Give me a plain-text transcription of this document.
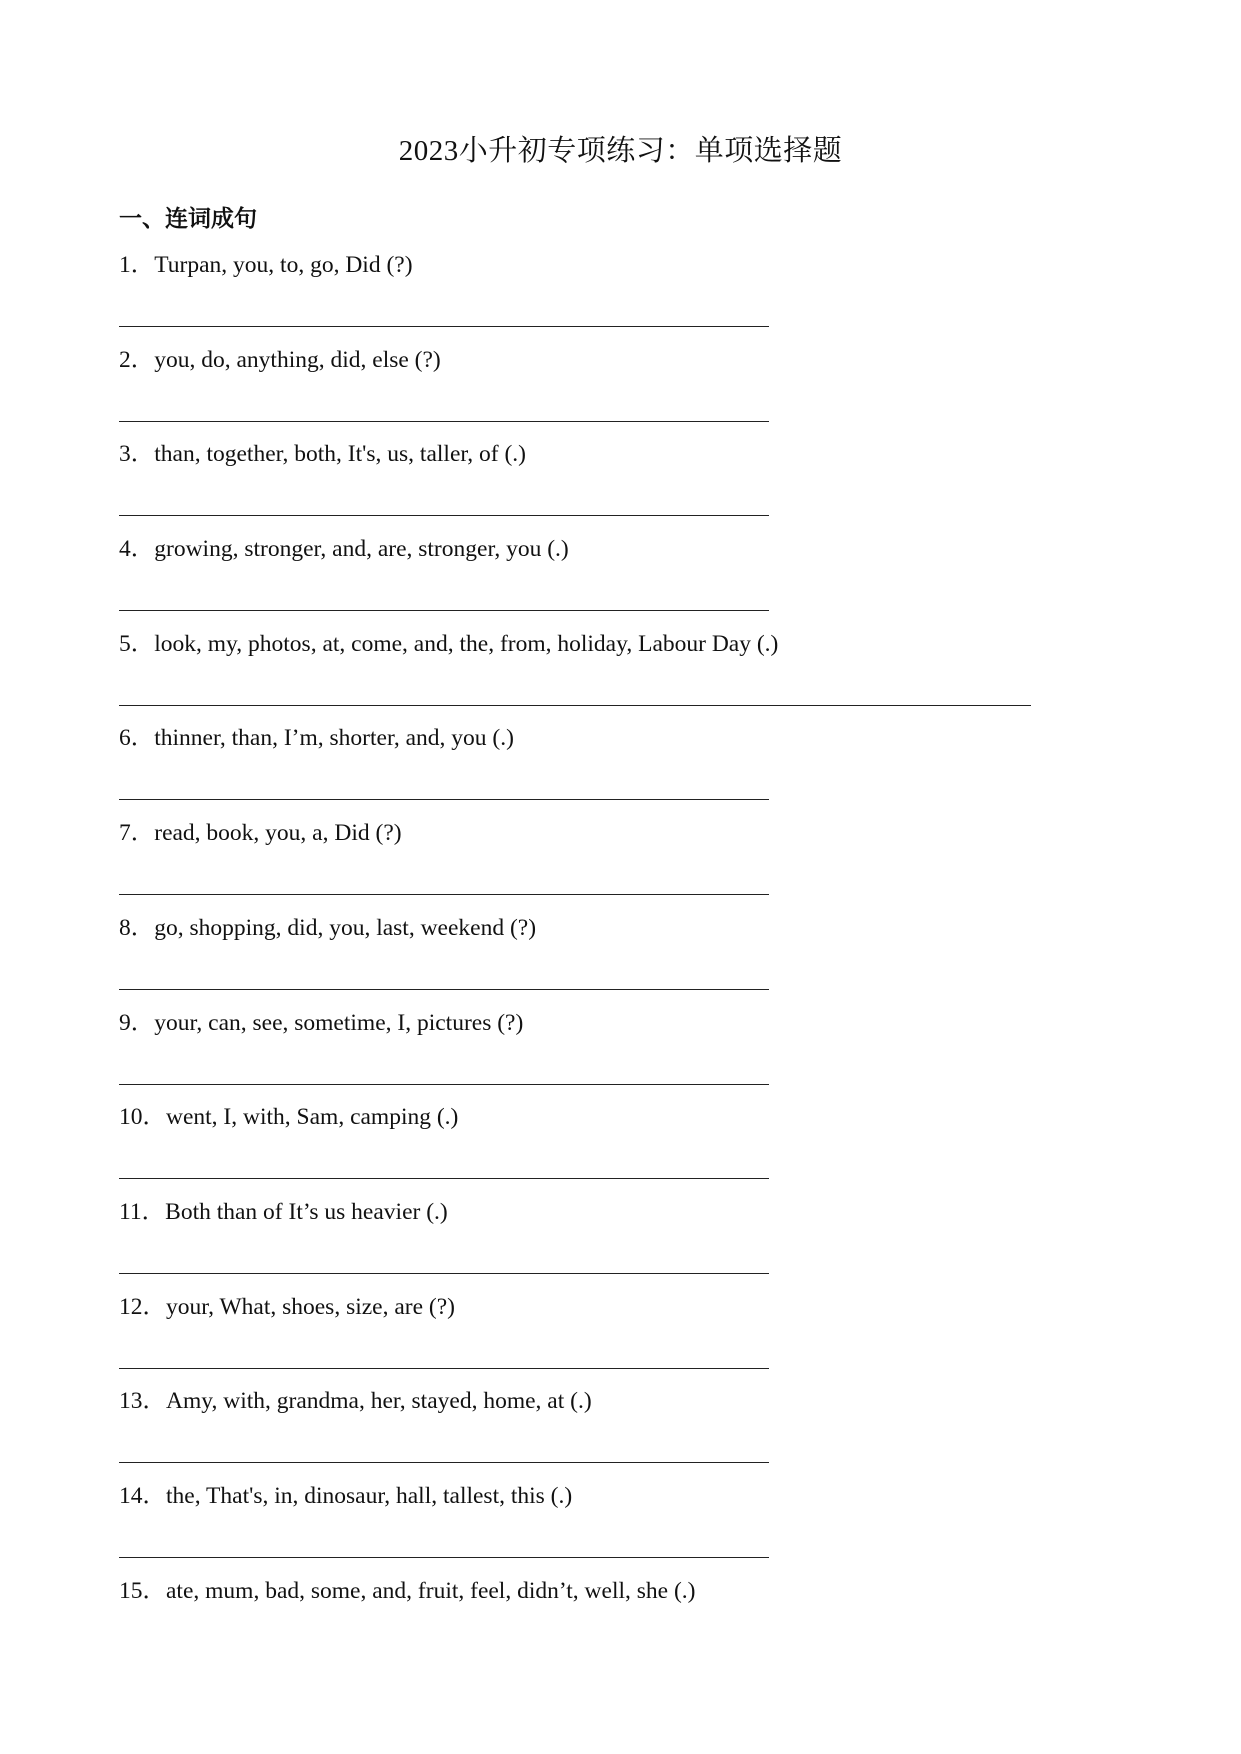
2023小升初专项练习：单项选择题
一、连词成句
1．Turpan, you, to, go, Did (?)
2．you, do, anything, did, else (?)
3．than, together, both, It's, us, taller, of (.)
4．growing, stronger, and, are, stronger, you (.)
5．look, my, photos, at, come, and, the, from, holiday, Labour Day (.)
6．thinner, than, I’m, shorter, and, you (.)
7．read, book, you, a, Did (?)
8．go, shopping, did, you, last, weekend (?)
9．your, can, see, sometime, I, pictures (?)
10．went, I, with, Sam, camping (.)
11．Both than of It’s us heavier (.)
12．your, What, shoes, size, are (?)
13．Amy, with, grandma, her, stayed, home, at (.)
14．the, That's, in, dinosaur, hall, tallest, this (.)
15．ate, mum, bad, some, and, fruit, feel, didn’t, well, she (.)
